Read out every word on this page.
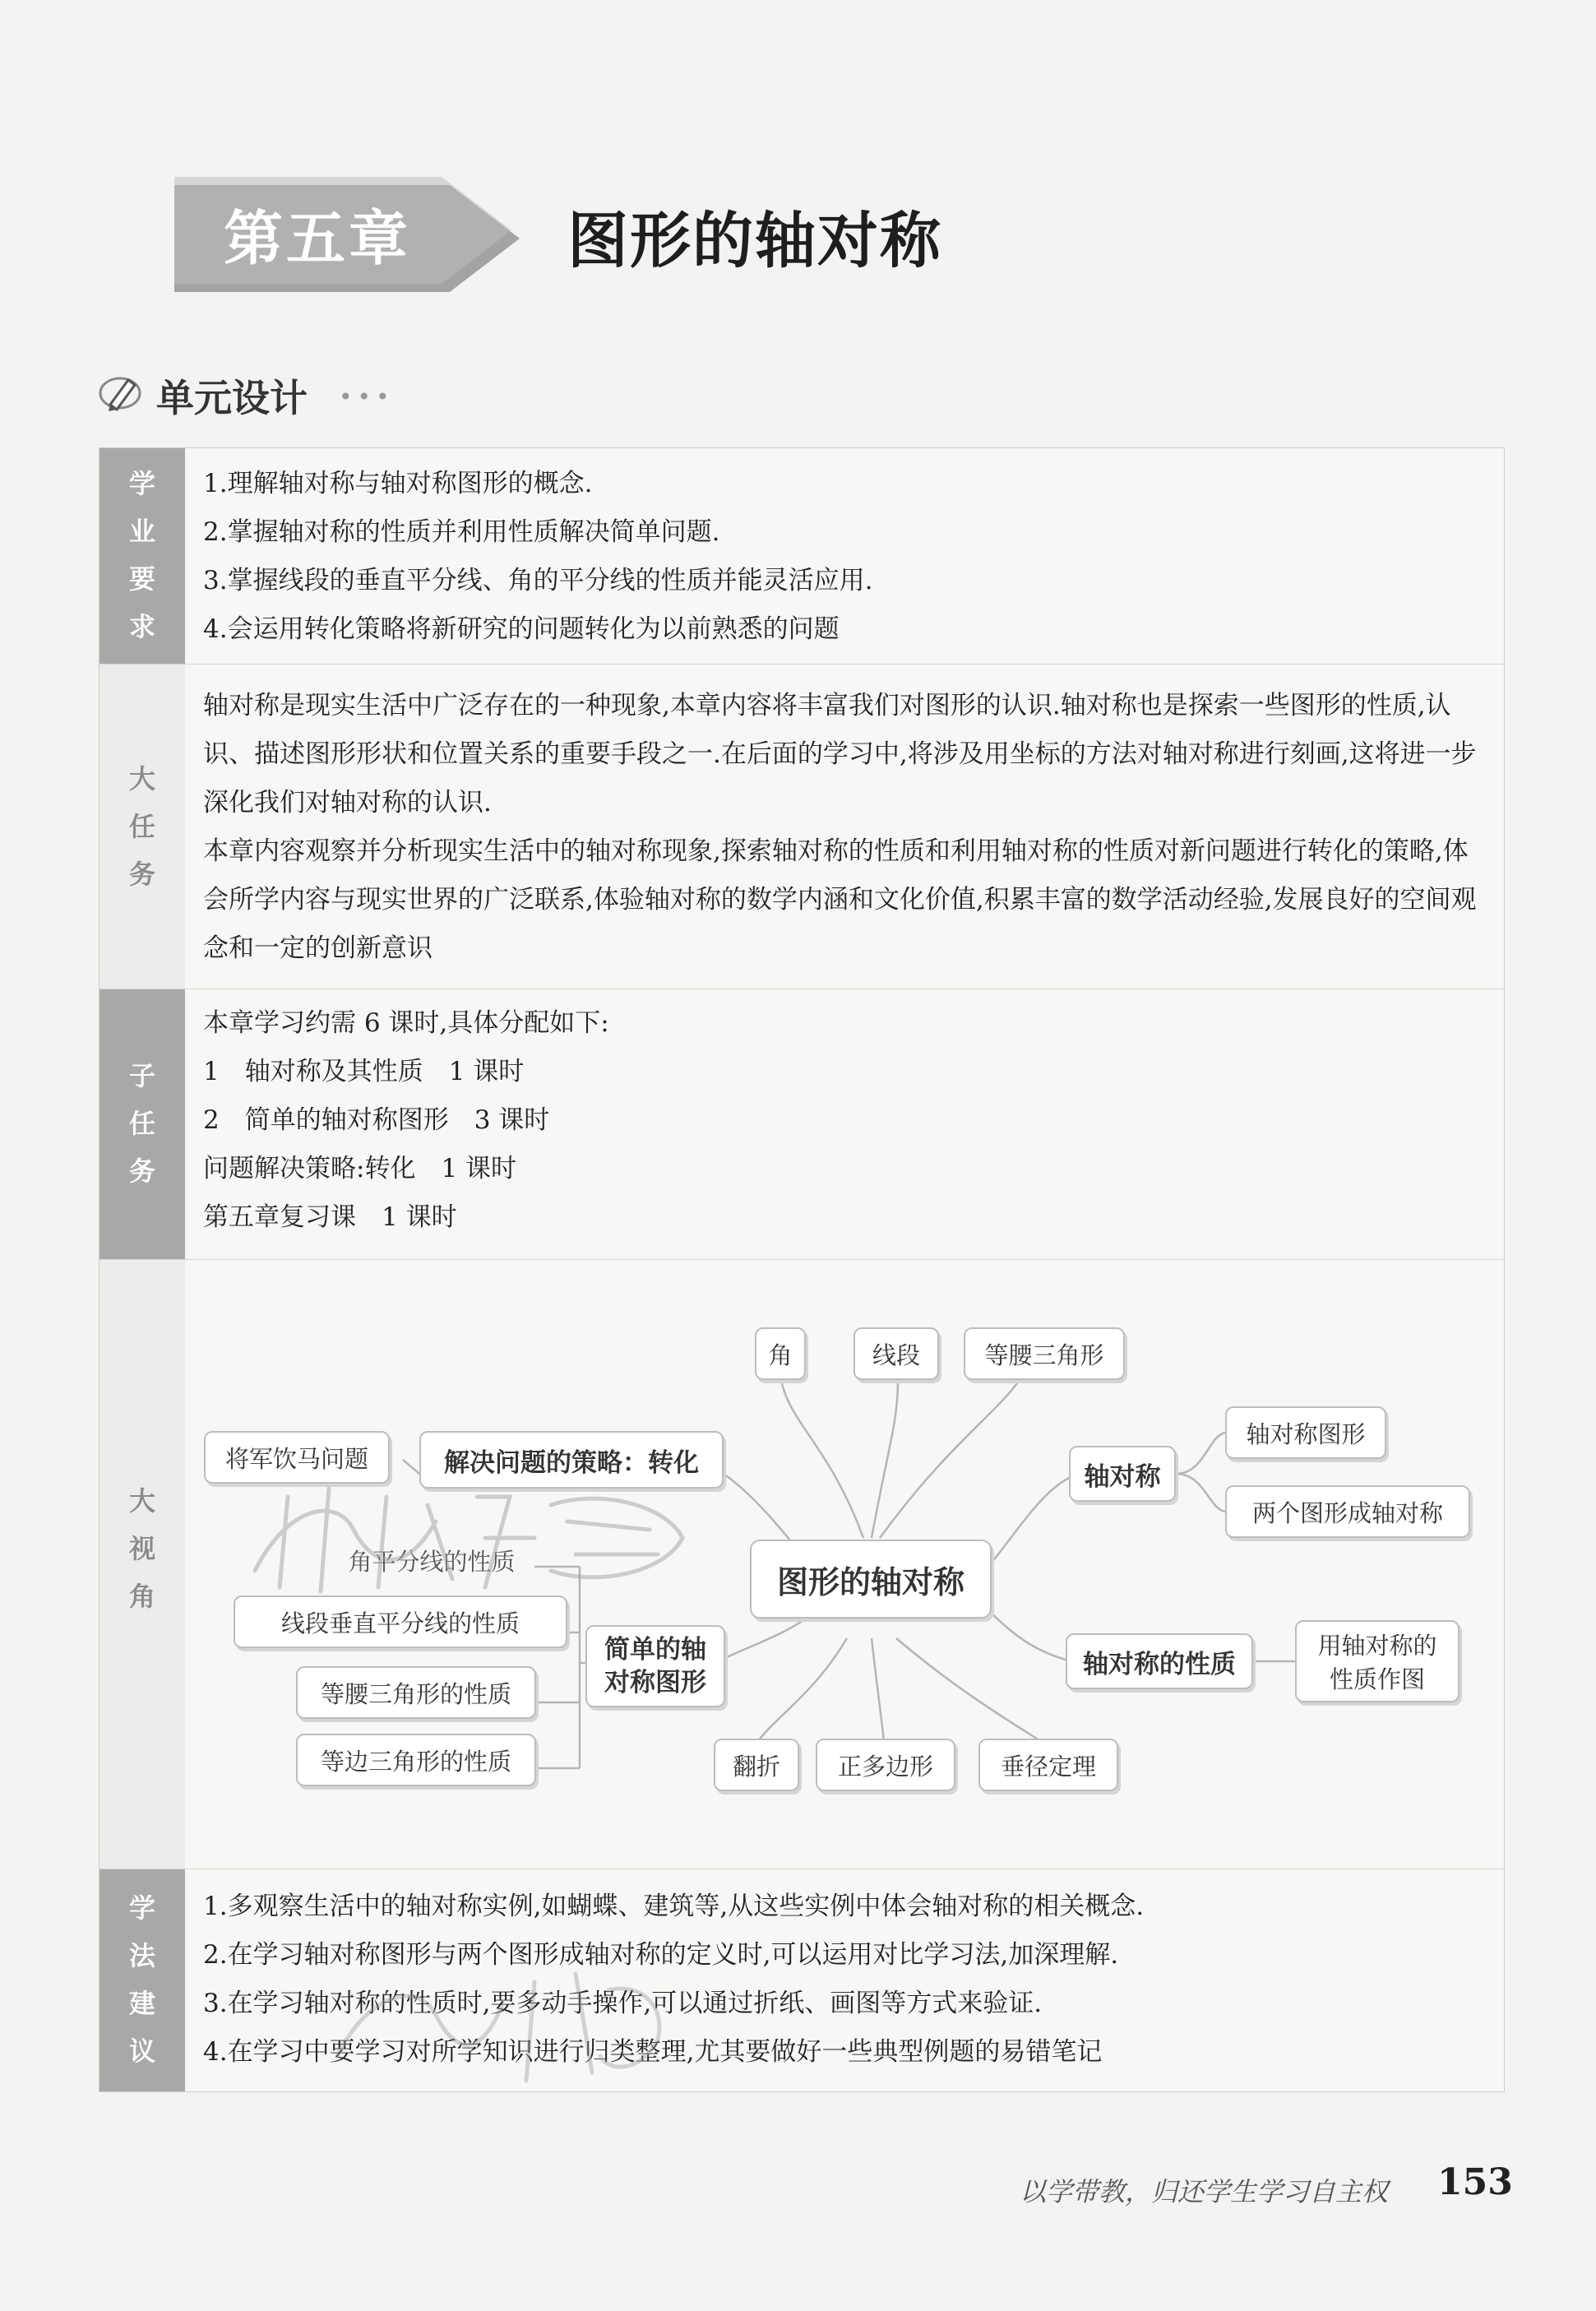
第五章	图形的轴对称
单元设计 •••
学
业
要
求
1.理解轴对称与轴对称图形的概念.
2.掌握轴对称的性质并利用性质解决简单问题.
3.掌握线段的垂直平分线、角的平分线的性质并能灵活应用.
4.会运用转化策略将新研究的问题转化为以前熟悉的问题
大
任
务
轴对称是现实生活中广泛存在的一种现象,本章内容将丰富我们对图形的认识.轴对称也是探索一些图形的性质,认识、描述图形形状和位置关系的重要手段之一.在后面的学习中,将涉及用坐标的方法对轴对称进行刻画,这将进一步深化我们对轴对称的认识.
本章内容观察并分析现实生活中的轴对称现象,探索轴对称的性质和利用轴对称的性质对新问题进行转化的策略,体会所学内容与现实世界的广泛联系,体验轴对称的数学内涵和文化价值,积累丰富的数学活动经验,发展良好的空间观念和一定的创新意识
子
任
务
本章学习约需 6 课时,具体分配如下:
1　轴对称及其性质　1 课时
2　简单的轴对称图形　3 课时
问题解决策略:转化　1 课时
第五章复习课　1 课时
大
视
角
学
法
建
议
1.多观察生活中的轴对称实例,如蝴蝶、建筑等,从这些实例中体会轴对称的相关概念.
2.在学习轴对称图形与两个图形成轴对称的定义时,可以运用对比学习法,加深理解.
3.在学习轴对称的性质时,要多动手操作,可以通过折纸、画图等方式来验证.
4.在学习中要学习对所学知识进行归类整理,尤其要做好一些典型例题的易错笔记
图形的轴对称
角	线段	等腰三角形
轴对称
轴对称图形
两个图形成轴对称
轴对称的性质
用轴对称的性质作图
解决问题的策略：转化
将军饮马问题
简单的轴对称图形
角平分线的性质
线段垂直平分线的性质
等腰三角形的性质
等边三角形的性质	翻折	正多边形	垂径定理
以学带教，归还学生学习自主权 153
